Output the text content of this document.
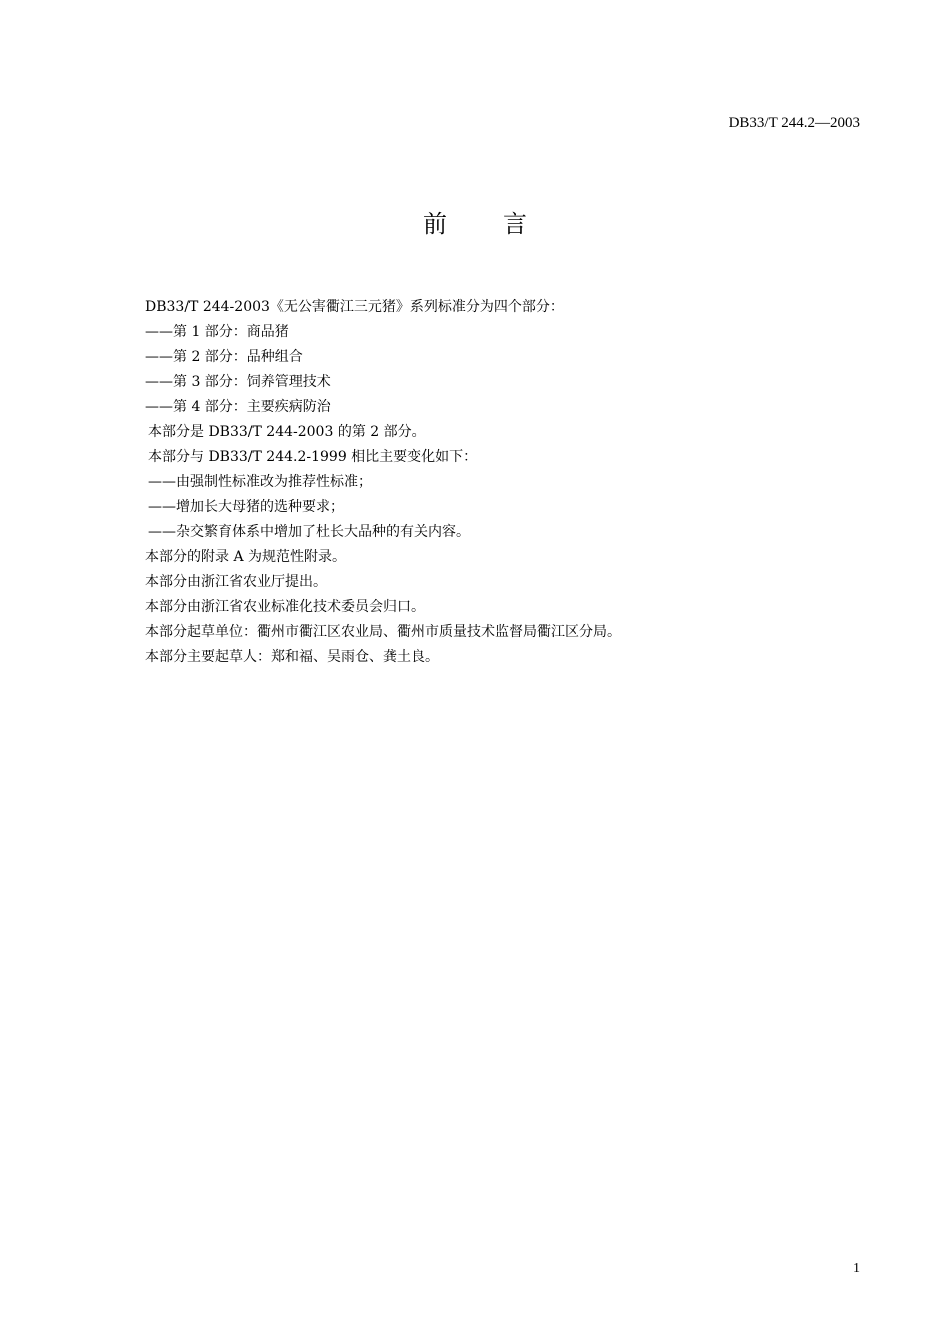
DB33/T 244.2—2003
前言
DB33/T 244-2003《无公害衢江三元猪》系列标准分为四个部分：
——第 1 部分：商品猪
——第 2 部分：品种组合
——第 3 部分：饲养管理技术
——第 4 部分：主要疾病防治
本部分是 DB33/T 244-2003 的第 2 部分。
本部分与 DB33/T 244.2-1999 相比主要变化如下：
——由强制性标准改为推荐性标准；
——增加长大母猪的选种要求；
——杂交繁育体系中增加了杜长大品种的有关内容。
本部分的附录 A 为规范性附录。
本部分由浙江省农业厅提出。
本部分由浙江省农业标准化技术委员会归口。
本部分起草单位：衢州市衢江区农业局、衢州市质量技术监督局衢江区分局。
本部分主要起草人：郑和福、吴雨仓、龚土良。
1
